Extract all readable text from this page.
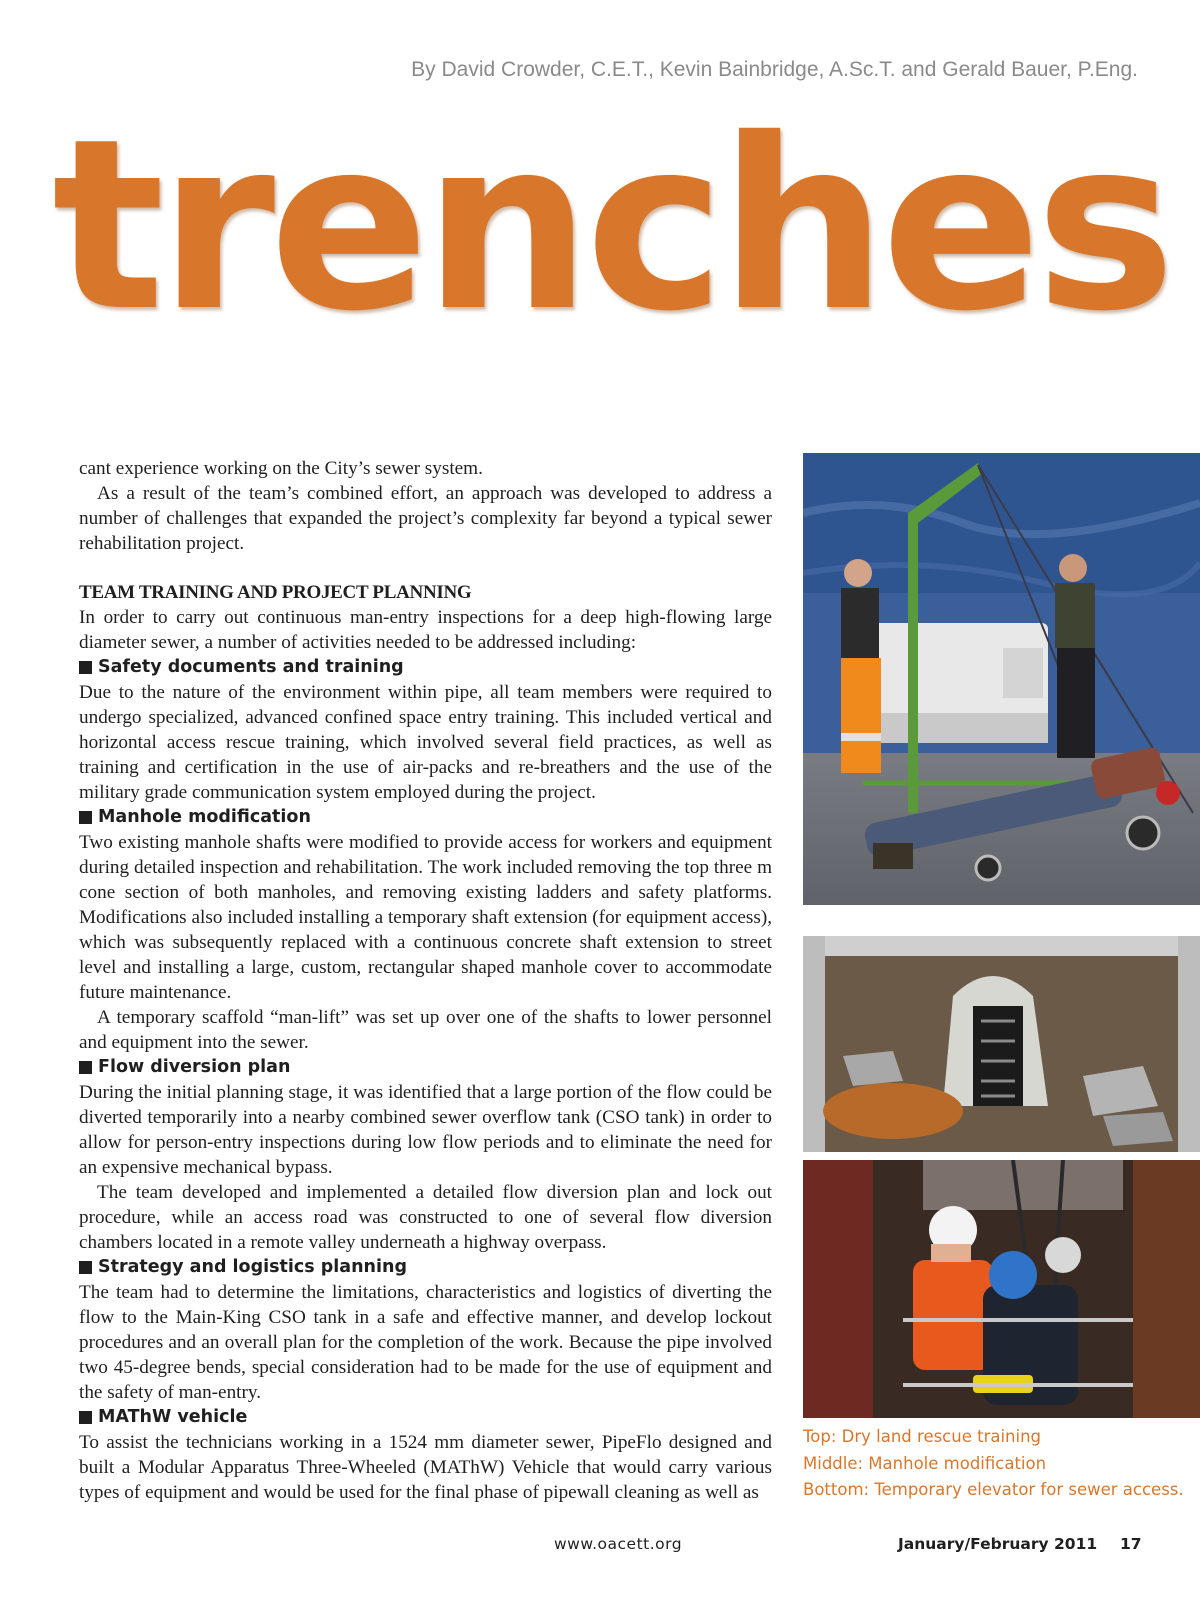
By David Crowder, C.E.T., Kevin Bainbridge, A.Sc.T. and Gerald Bauer, P.Eng.
trenches

cant experience working on the City’s sewer system.

As a result of the team’s combined effort, an approach was developed to address a number of challenges that expanded the project’s complexity far beyond a typical sewer rehabilitation project.

TEAM TRAINING AND PROJECT PLANNING

In order to carry out continuous man-entry inspections for a deep high-flowing large diameter sewer, a number of activities needed to be addressed including:

Safety documents and training

Due to the nature of the environment within pipe, all team members were required to undergo specialized, advanced confined space entry training. This included vertical and horizontal access rescue training, which involved several field practices, as well as training and certification in the use of air-packs and re-breathers and the use of the military grade communication system employed during the project.

Manhole modification

Two existing manhole shafts were modified to provide access for workers and equipment during detailed inspection and rehabilitation. The work included removing the top three m cone section of both manholes, and removing existing ladders and safety platforms. Modifications also included installing a temporary shaft extension (for equipment access), which was subsequently replaced with a continuous concrete shaft extension to street level and installing a large, custom, rectangular shaped manhole cover to accommodate future maintenance.

A temporary scaffold “man-lift” was set up over one of the shafts to lower personnel and equipment into the sewer.

Flow diversion plan

During the initial planning stage, it was identified that a large portion of the flow could be diverted temporarily into a nearby combined sewer overflow tank (CSO tank) in order to allow for person-entry inspections during low flow periods and to eliminate the need for an expensive mechanical bypass.

The team developed and implemented a detailed flow diversion plan and lock out procedure, while an access road was constructed to one of several flow diversion chambers located in a remote valley underneath a highway overpass.

Strategy and logistics planning

The team had to determine the limitations, characteristics and logistics of diverting the flow to the Main-King CSO tank in a safe and effective manner, and develop lockout procedures and an overall plan for the completion of the work. Because the pipe involved two 45-degree bends, special consideration had to be made for the use of equipment and the safety of man-entry.

MAThW vehicle

To assist the technicians working in a 1524 mm diameter sewer, PipeFlo designed and built a Modular Apparatus Three-Wheeled (MAThW) Vehicle that would carry various types of equipment and would be used for the final phase of pipewall cleaning as well as

Top: Dry land rescue training
Middle: Manhole modification
Bottom: Temporary elevator for sewer access.
www.oacett.org	January/February 2011 17
